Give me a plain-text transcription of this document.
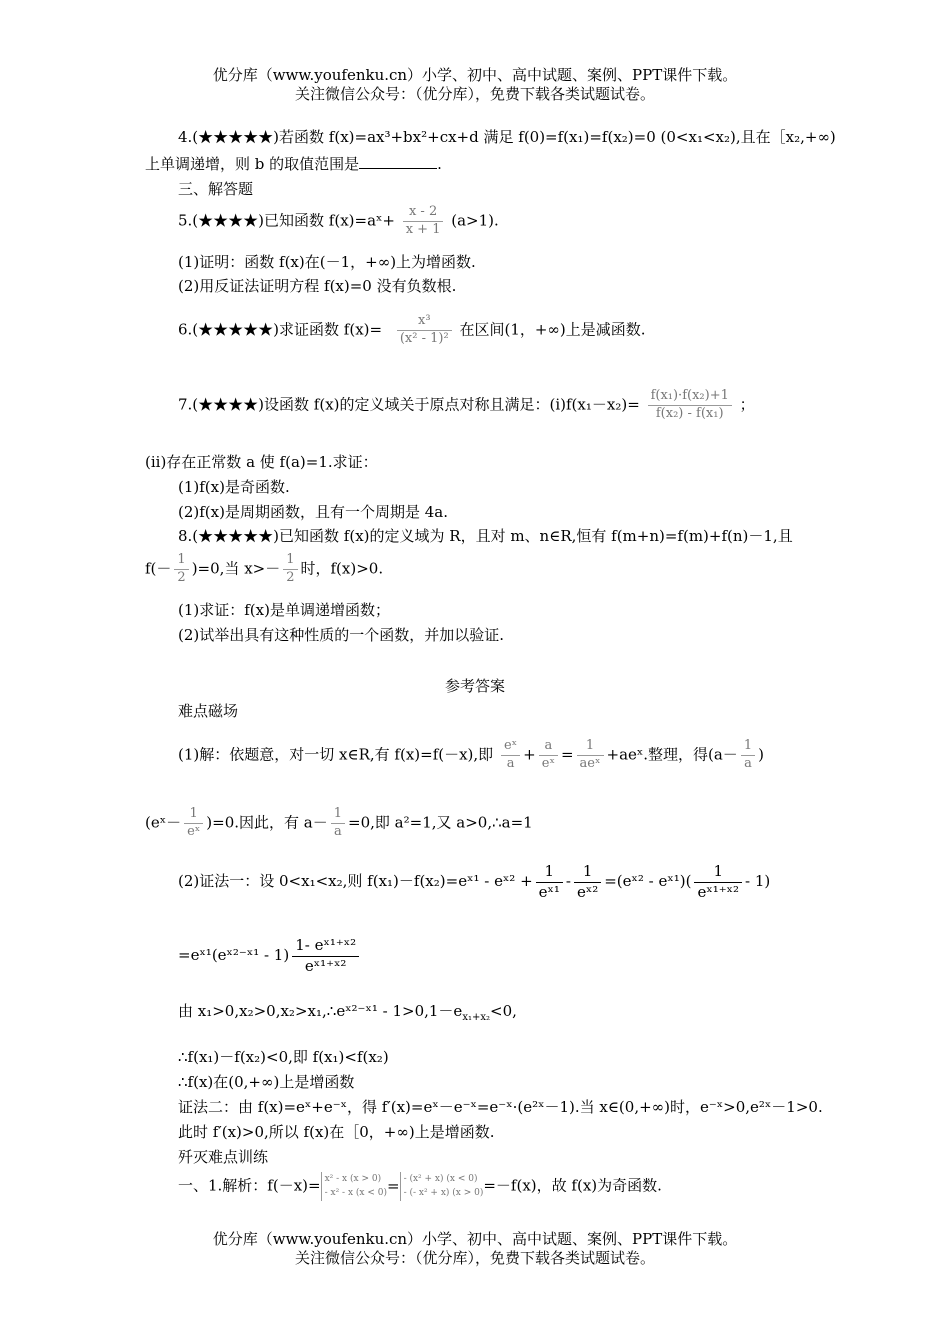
优分库（www.youfenku.cn）小学、初中、高中试题、案例、PPT课件下载。
关注微信公众号：（优分库），免费下载各类试题试卷。
4.(★★★★★)若函数 f(x)=ax³+bx²+cx+d 满足 f(0)=f(x₁)=f(x₂)=0 (0<x₁<x₂),且在［x₂,+∞)
上单调递增，则 b 的取值范围是	.
三、解答题
5.(★★★★)已知函数 f(x)=aˣ+ $\frac{x - 2}{x + 1} (a>1)$.
(1)证明：函数 f(x)在(－1，+∞)上为增函数.
(2)用反证法证明方程 f(x)=0 没有负数根.
6.(★★★★★)求证函数 $f(x)= \frac{\text{x³}}{\text{(x² - 1)²}}$ 在区间(1，+∞)上是减函数.
7.(★★★★)设函数 f(x)的定义域关于原点对称且满足：$(i)f(x_1-x_2)= \frac{\text{f(x₁)·f(x₂)+1}}{\text{f(x₂) - f(x₁)}}$ ；
(ii)存在正常数 a 使 f(a)=1.求证：
(1)f(x)是奇函数.
(2)f(x)是周期函数，且有一个周期是 4a.
8.(★★★★★)已知函数 f(x)的定义域为 R，且对 m、n∈R,恒有 f(m+n)=f(m)+f(n)－1,且
$f(- \frac{1}{2} )=0$,当 $x>- \frac{1}{2}$ 时，f(x)>0.
(1)求证：f(x)是单调递增函数；
(2)试举出具有这种性质的一个函数，并加以验证.
参考答案
难点磁场
(1)解：依题意，对一切 x∈R,有 f(x)=f(－x),即 $\frac{\text{eˣ}}{a} + \frac{a}{\text{eˣ}} = \frac{1}{\text{aeˣ}}$ +aeˣ.整理，得($a- \frac{1}{a}$ )
(eˣ－ $\frac{1}{\text{eˣ}} )=0$.因此，有 $a- \frac{1}{a} =0$,即 a²=1,又 a>0,∴a=1
(2)证法一：设 0<x₁<x₂,则 f(x₁)－f(x₂)=eˣ¹ - eˣ² + $\frac{1}{\text{eˣ¹}} - \frac{1}{\text{eˣ²}}$ =(eˣ² - eˣ¹)( $\frac{1}{\text{eˣ¹⁺ˣ²}} - 1$)
=eˣ¹(eˣ²⁻ˣ¹ - $1) \frac{\text{1- eˣ¹⁺ˣ²}}{\text{eˣ¹⁺ˣ²}}$
由 x₁>0,x₂>0,x₂>x₁,∴eˣ²⁻ˣ¹ - $1>0,1-e_{x_1+x_2}<0$,
∴f(x₁)－f(x₂)<0,即 f(x₁)<f(x₂)
∴f(x)在(0,+∞)上是增函数
证法二：由 f(x)=eˣ+e⁻ˣ，得 f′(x)=eˣ－e⁻ˣ=e⁻ˣ·(e²ˣ－1).当 x∈(0,+∞)时，e⁻ˣ>0,e²ˣ－1>0.
此时 f′(x)>0,所以 f(x)在［0，+∞)上是增函数.
歼灭难点训练
一、1.解析：f(－x)= x² - x (x > 0)
- x² - x (x < 0) = - (x² + x) (x < 0)
- (- x² + x) (x > 0) =－f(x)，故 f(x)为奇函数.
优分库（www.youfenku.cn）小学、初中、高中试题、案例、PPT课件下载。
关注微信公众号：（优分库），免费下载各类试题试卷。
